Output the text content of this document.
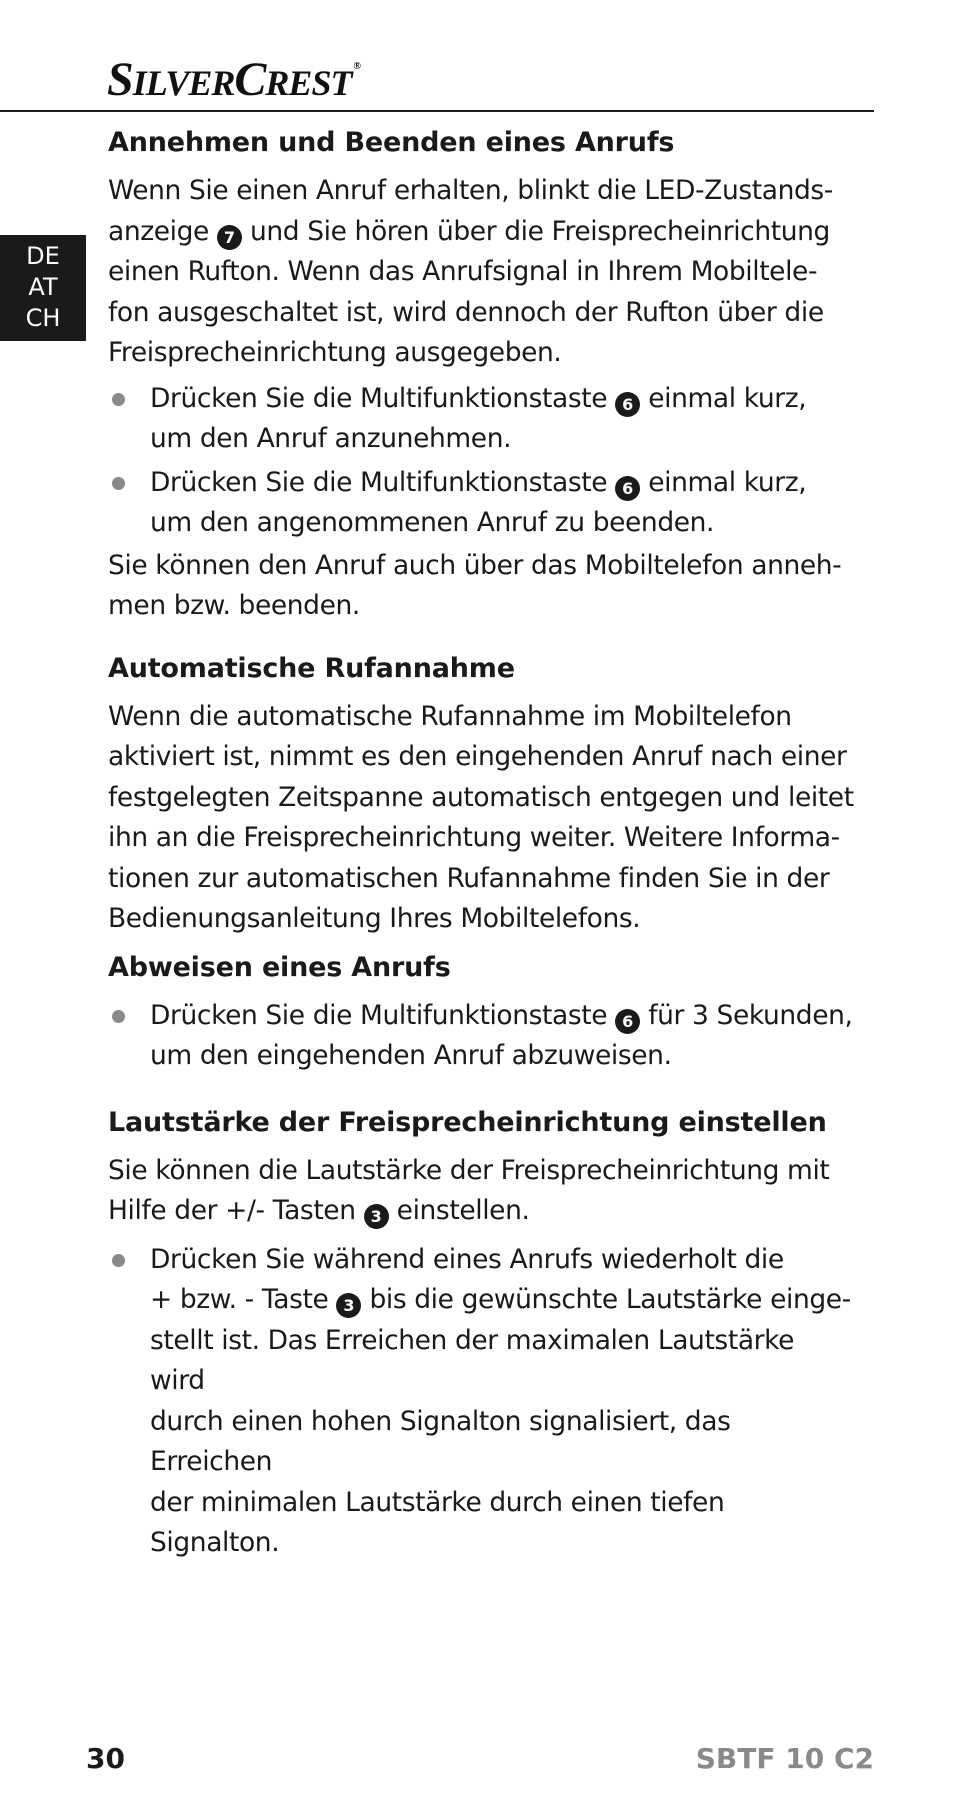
SILVERCREST ®
DE
AT
CH
Annehmen und Beenden eines Anrufs

Wenn Sie einen Anruf erhalten, blinkt die LED-Zustands-
anzeige 7 und Sie hören über die Freisprecheinrichtung
einen Rufton. Wenn das Anrufsignal in Ihrem Mobiltele-
fon ausgeschaltet ist, wird dennoch der Rufton über die
Freisprecheinrichtung ausgegeben.

Drücken Sie die Multifunktionstaste 6 einmal kurz,
um den Anruf anzunehmen.
Drücken Sie die Multifunktionstaste 6 einmal kurz,
um den angenommenen Anruf zu beenden.

Sie können den Anruf auch über das Mobiltelefon anneh-
men bzw. beenden.

Automatische Rufannahme

Wenn die automatische Rufannahme im Mobiltelefon
aktiviert ist, nimmt es den eingehenden Anruf nach einer
festgelegten Zeitspanne automatisch entgegen und leitet
ihn an die Freisprecheinrichtung weiter. Weitere Informa-
tionen zur automatischen Rufannahme finden Sie in der
Bedienungsanleitung Ihres Mobiltelefons.

Abweisen eines Anrufs
Drücken Sie die Multifunktionstaste 6 für 3 Sekunden,
um den eingehenden Anruf abzuweisen.
Lautstärke der Freisprecheinrichtung einstellen

Sie können die Lautstärke der Freisprecheinrichtung mit
Hilfe der +/- Tasten 3 einstellen.

Drücken Sie während eines Anrufs wiederholt die
+ bzw. - Taste 3 bis die gewünschte Lautstärke einge-
stellt ist. Das Erreichen der maximalen Lautstärke wird
durch einen hohen Signalton signalisiert, das Erreichen
der minimalen Lautstärke durch einen tiefen Signalton.
30	SBTF 10 C2
